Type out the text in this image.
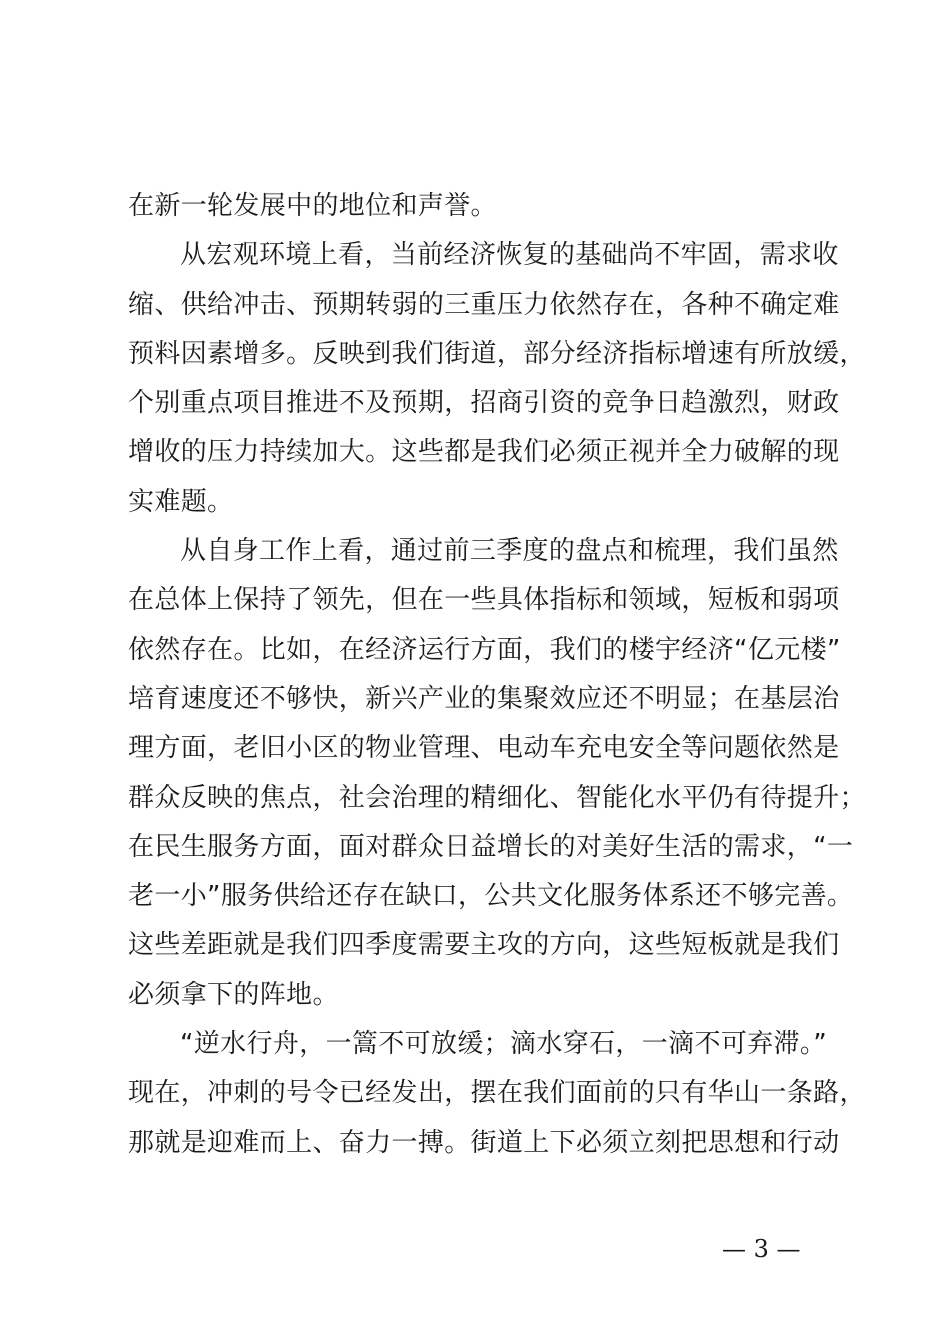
在新一轮发展中的地位和声誉。
从宏观环境上看，当前经济恢复的基础尚不牢固，需求收
缩、供给冲击、预期转弱的三重压力依然存在，各种不确定难
预料因素增多。反映到我们街道，部分经济指标增速有所放缓，
个别重点项目推进不及预期，招商引资的竞争日趋激烈，财政
增收的压力持续加大。这些都是我们必须正视并全力破解的现
实难题。
从自身工作上看，通过前三季度的盘点和梳理，我们虽然
在总体上保持了领先，但在一些具体指标和领域，短板和弱项
依然存在。比如，在经济运行方面，我们的楼宇经济“亿元楼”
培育速度还不够快，新兴产业的集聚效应还不明显；在基层治
理方面，老旧小区的物业管理、电动车充电安全等问题依然是
群众反映的焦点，社会治理的精细化、智能化水平仍有待提升；
在民生服务方面，面对群众日益增长的对美好生活的需求，“一
老一小”服务供给还存在缺口，公共文化服务体系还不够完善。
这些差距就是我们四季度需要主攻的方向，这些短板就是我们
必须拿下的阵地。
“逆水行舟，一篙不可放缓；滴水穿石，一滴不可弃滞。”
现在，冲刺的号令已经发出，摆在我们面前的只有华山一条路，
那就是迎难而上、奋力一搏。街道上下必须立刻把思想和行动
— 3 —
